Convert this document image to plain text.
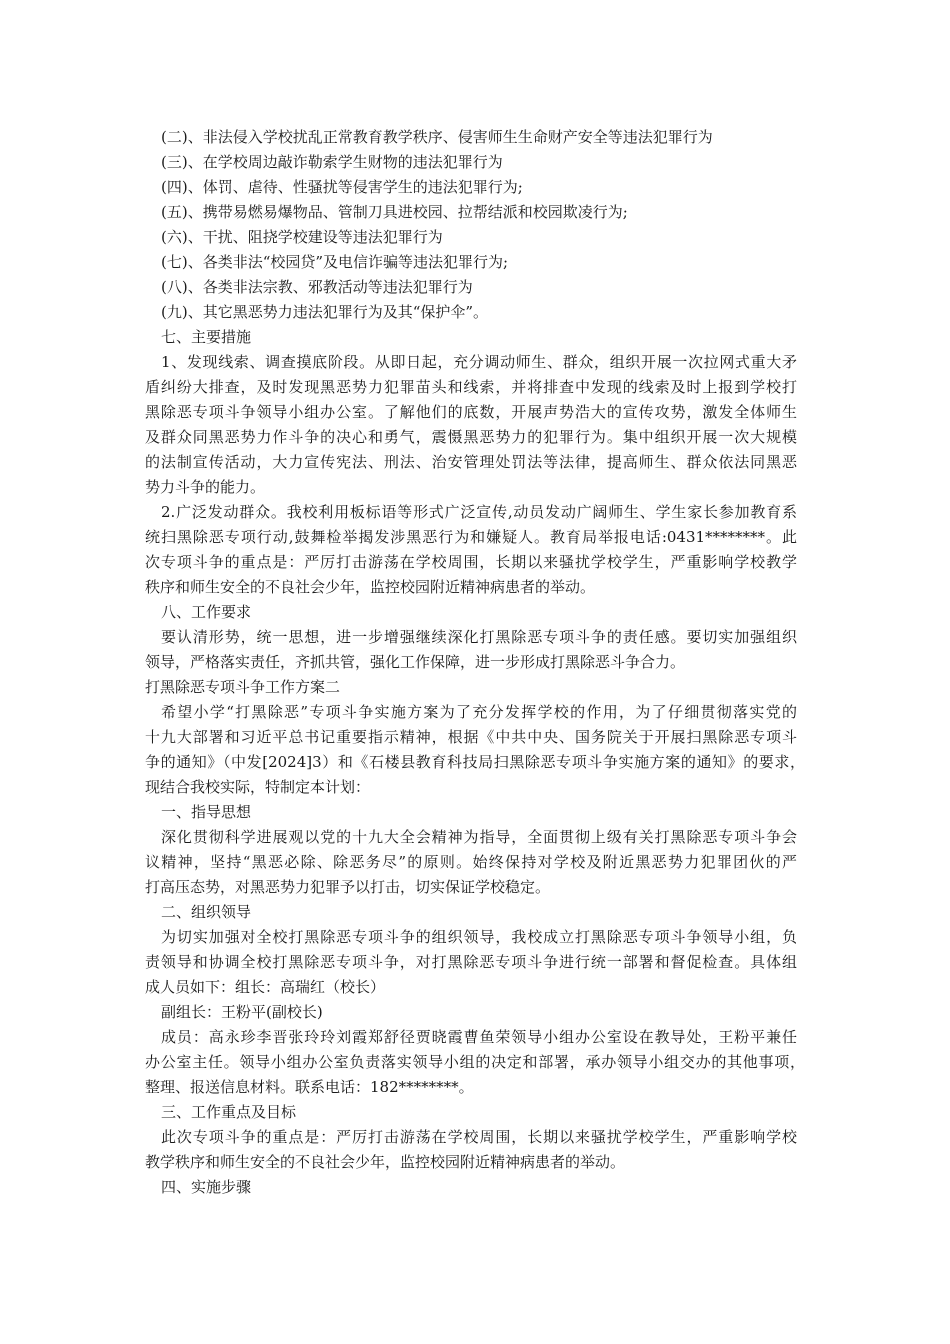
(二)、非法侵入学校扰乱正常教育教学秩序、侵害师生生命财产安全等违法犯罪行为
(三)、在学校周边敲诈勒索学生财物的违法犯罪行为
(四)、体罚、虐待、性骚扰等侵害学生的违法犯罪行为;
(五)、携带易燃易爆物品、管制刀具进校园、拉帮结派和校园欺凌行为;
(六)、干扰、阻挠学校建设等违法犯罪行为
(七)、各类非法“校园贷”及电信诈骗等违法犯罪行为;
(八)、各类非法宗教、邪教活动等违法犯罪行为
(九)、其它黑恶势力违法犯罪行为及其“保护伞”。
七、主要措施
1、发现线索、调查摸底阶段。从即日起，充分调动师生、群众，组织开展一次拉网式重大矛
盾纠纷大排查，及时发现黑恶势力犯罪苗头和线索，并将排查中发现的线索及时上报到学校打
黑除恶专项斗争领导小组办公室。了解他们的底数，开展声势浩大的宣传攻势，激发全体师生
及群众同黑恶势力作斗争的决心和勇气，震慑黑恶势力的犯罪行为。集中组织开展一次大规模
的法制宣传活动，大力宣传宪法、刑法、治安管理处罚法等法律，提高师生、群众依法同黑恶
势力斗争的能力。
2.广泛发动群众。我校利用板标语等形式广泛宣传,动员发动广阔师生、学生家长参加教育系
统扫黑除恶专项行动,鼓舞检举揭发涉黑恶行为和嫌疑人。教育局举报电话:0431********。此
次专项斗争的重点是：严厉打击游荡在学校周围，长期以来骚扰学校学生，严重影响学校教学
秩序和师生安全的不良社会少年，监控校园附近精神病患者的举动。
八、工作要求
要认清形势，统一思想，进一步增强继续深化打黑除恶专项斗争的责任感。要切实加强组织
领导，严格落实责任，齐抓共管，强化工作保障，进一步形成打黑除恶斗争合力。
打黑除恶专项斗争工作方案二
希望小学“打黑除恶”专项斗争实施方案为了充分发挥学校的作用，为了仔细贯彻落实党的
十九大部署和习近平总书记重要指示精神，根据《中共中央、国务院关于开展扫黑除恶专项斗
争的通知》（中发[2024]3）和《石楼县教育科技局扫黑除恶专项斗争实施方案的通知》的要求，
现结合我校实际，特制定本计划：
一、指导思想
深化贯彻科学进展观以党的十九大全会精神为指导，全面贯彻上级有关打黑除恶专项斗争会
议精神，坚持“黑恶必除、除恶务尽”的原则。始终保持对学校及附近黑恶势力犯罪团伙的严
打高压态势，对黑恶势力犯罪予以打击，切实保证学校稳定。
二、组织领导
为切实加强对全校打黑除恶专项斗争的组织领导，我校成立打黑除恶专项斗争领导小组，负
责领导和协调全校打黑除恶专项斗争，对打黑除恶专项斗争进行统一部署和督促检查。具体组
成人员如下：组长：高瑞红（校长）
副组长：王粉平(副校长)
成员：高永珍李晋张玲玲刘霞郑舒径贾晓霞曹鱼荣领导小组办公室设在教导处，王粉平兼任
办公室主任。领导小组办公室负责落实领导小组的决定和部署，承办领导小组交办的其他事项，
整理、报送信息材料。联系电话：182********。
三、工作重点及目标
此次专项斗争的重点是：严厉打击游荡在学校周围，长期以来骚扰学校学生，严重影响学校
教学秩序和师生安全的不良社会少年，监控校园附近精神病患者的举动。
四、实施步骤
